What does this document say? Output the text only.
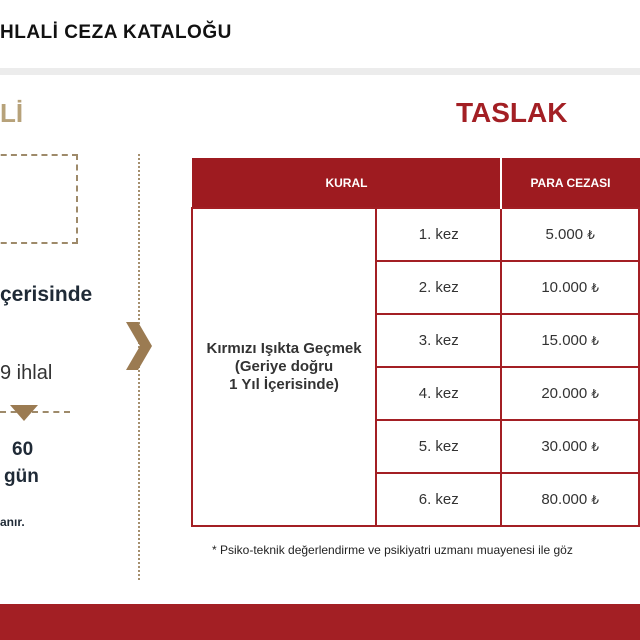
HLALİ CEZA KATALOĞU
Lİ
çerisinde
9 ihlal
60
gün
anır.
TASLAK
KURAL		PARA CEZASI

Kırmızı Işıkta Geçmek
(Geriye doğru
1 Yıl İçerisinde)	1. kez	5.000 ₺
	2. kez	10.000 ₺
	3. kez	15.000 ₺
	4. kez	20.000 ₺
	5. kez	30.000 ₺
	6. kez	80.000 ₺
* Psiko-teknik değerlendirme ve psikiyatri uzmanı muayenesi ile göz
